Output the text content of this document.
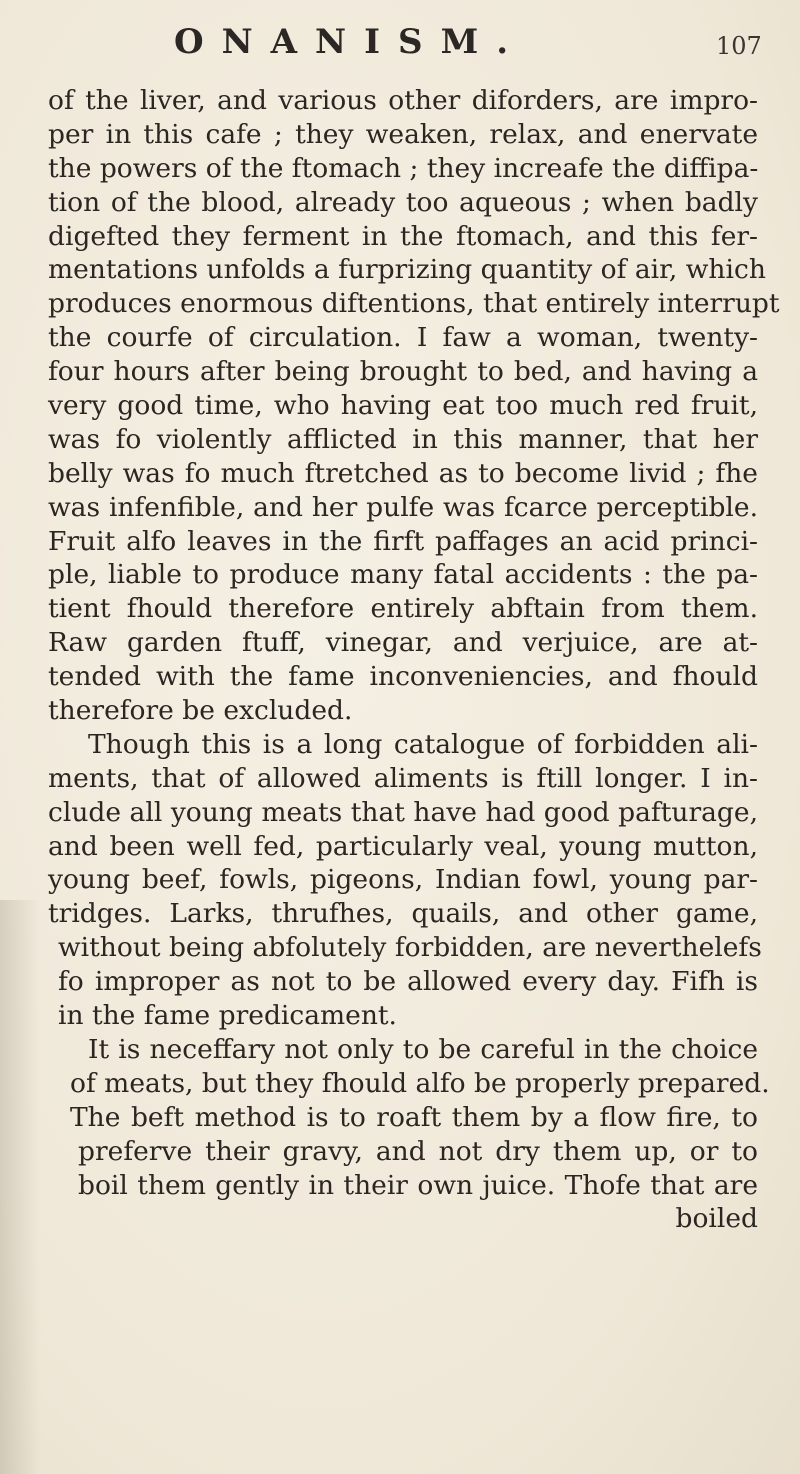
ONANISM.	107
of the liver, and various other diforders, are impro-
per in this cafe ; they weaken, relax, and enervate
the powers of the ftomach ; they increafe the diffipa-
tion of the blood, already too aqueous ; when badly
digefted they ferment in the ftomach, and this fer-
mentations unfolds a furprizing quantity of air, which
produces enormous diftentions, that entirely interrupt
the courfe of circulation. I faw a woman, twenty-
four hours after being brought to bed, and having a
very good time, who having eat too much red fruit,
was fo violently afflicted in this manner, that her
belly was fo much ftretched as to become livid ; fhe
was infenfible, and her pulfe was fcarce perceptible.
Fruit alfo leaves in the firft paffages an acid princi-
ple, liable to produce many fatal accidents : the pa-
tient fhould therefore entirely abftain from them.
Raw garden ftuff, vinegar, and verjuice, are at-
tended with the fame inconveniencies, and fhould
therefore be excluded.
Though this is a long catalogue of forbidden ali-
ments, that of allowed aliments is ftill longer. I in-
clude all young meats that have had good pafturage,
and been well fed, particularly veal, young mutton,
young beef, fowls, pigeons, Indian fowl, young par-
tridges. Larks, thrufhes, quails, and other game,
without being abfolutely forbidden, are neverthelefs
fo improper as not to be allowed every day. Fifh is
in the fame predicament.
It is neceffary not only to be careful in the choice
of meats, but they fhould alfo be properly prepared.
The beft method is to roaft them by a flow fire, to
preferve their gravy, and not dry them up, or to
boil them gently in their own juice. Thofe that are
boiled
